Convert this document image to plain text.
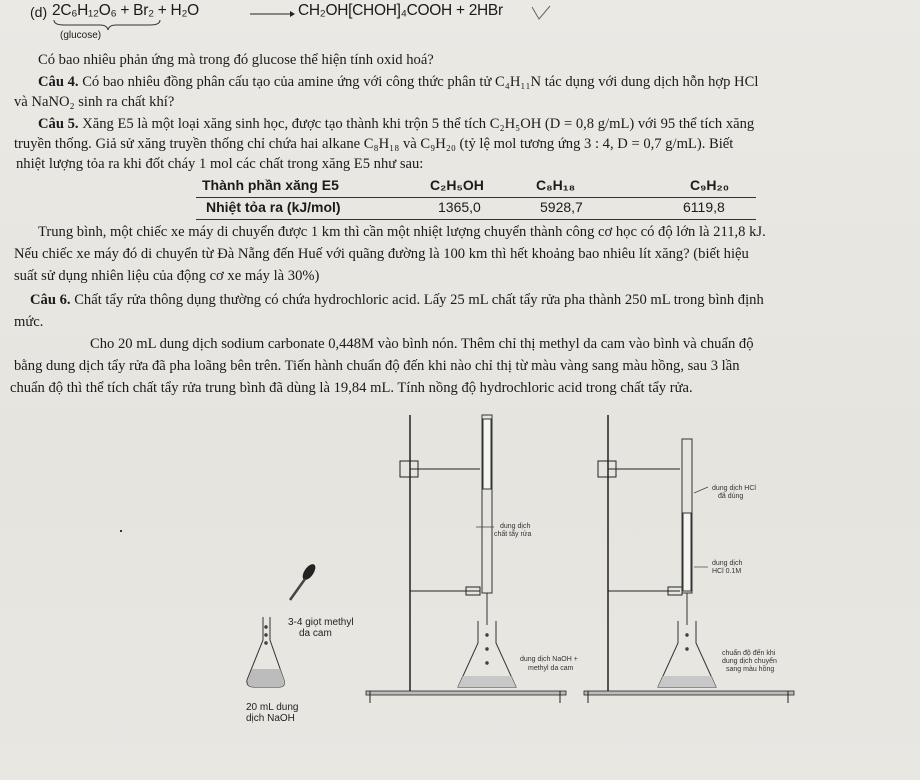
(d) 2C₆H₁₂O₆ + Br₂ + H₂O	→ CH₂OH[CHOH]₄COOH + 2HBr
(glucose)
Có bao nhiêu phản ứng mà trong đó glucose thể hiện tính oxid hoá?
Câu 4. Có bao nhiêu đồng phân cấu tạo của amine ứng với công thức phân tử C₄H₁₁N tác dụng với dung dịch hỗn hợp HCl
và NaNO₂ sinh ra chất khí?
Câu 5. Xăng E5 là một loại xăng sinh học, được tạo thành khi trộn 5 thể tích C₂H₅OH (D = 0,8 g/mL) với 95 thể tích xăng
truyền thống. Giả sử xăng truyền thống chỉ chứa hai alkane C₈H₁₈ và C₉H₂₀ (tỷ lệ mol tương ứng 3 : 4, D = 0,7 g/mL). Biết
nhiệt lượng tỏa ra khi đốt cháy 1 mol các chất trong xăng E5 như sau:
Thành phần xăng E5	C₂H₅OH	C₈H₁₈	C₉H₂₀
Nhiệt tỏa ra (kJ/mol)	1365,0	5928,7	6119,8
Trung bình, một chiếc xe máy di chuyển được 1 km thì cần một nhiệt lượng chuyển thành công cơ học có độ lớn là 211,8 kJ.
Nếu chiếc xe máy đó di chuyển từ Đà Nẵng đến Huế với quãng đường là 100 km thì hết khoảng bao nhiêu lít xăng? (biết hiệu
suất sử dụng nhiên liệu của động cơ xe máy là 30%)
Câu 6. Chất tẩy rửa thông dụng thường có chứa hydrochloric acid. Lấy 25 mL chất tẩy rửa pha thành 250 mL trong bình định
mức.
Cho 20 mL dung dịch sodium carbonate 0,448M vào bình nón. Thêm chỉ thị methyl da cam vào bình và chuẩn độ
bằng dung dịch tẩy rửa đã pha loãng bên trên. Tiến hành chuẩn độ đến khi nào chỉ thị từ màu vàng sang màu hồng, sau 3 lần
chuẩn độ thì thể tích chất tẩy rửa trung bình đã dùng là 19,84 mL. Tính nồng độ hydrochloric acid trong chất tẩy rửa.
3-4 giọt methyl
da cam
20 mL dung
dịch NaOH
dung dịch
chất tẩy rửa
dung dịch NaOH +
methyl da cam
dung dịch HCl
đã dùng
dung dịch
HCl 0.1M
chuẩn độ đến khi
dung dịch chuyển
sang màu hồng
